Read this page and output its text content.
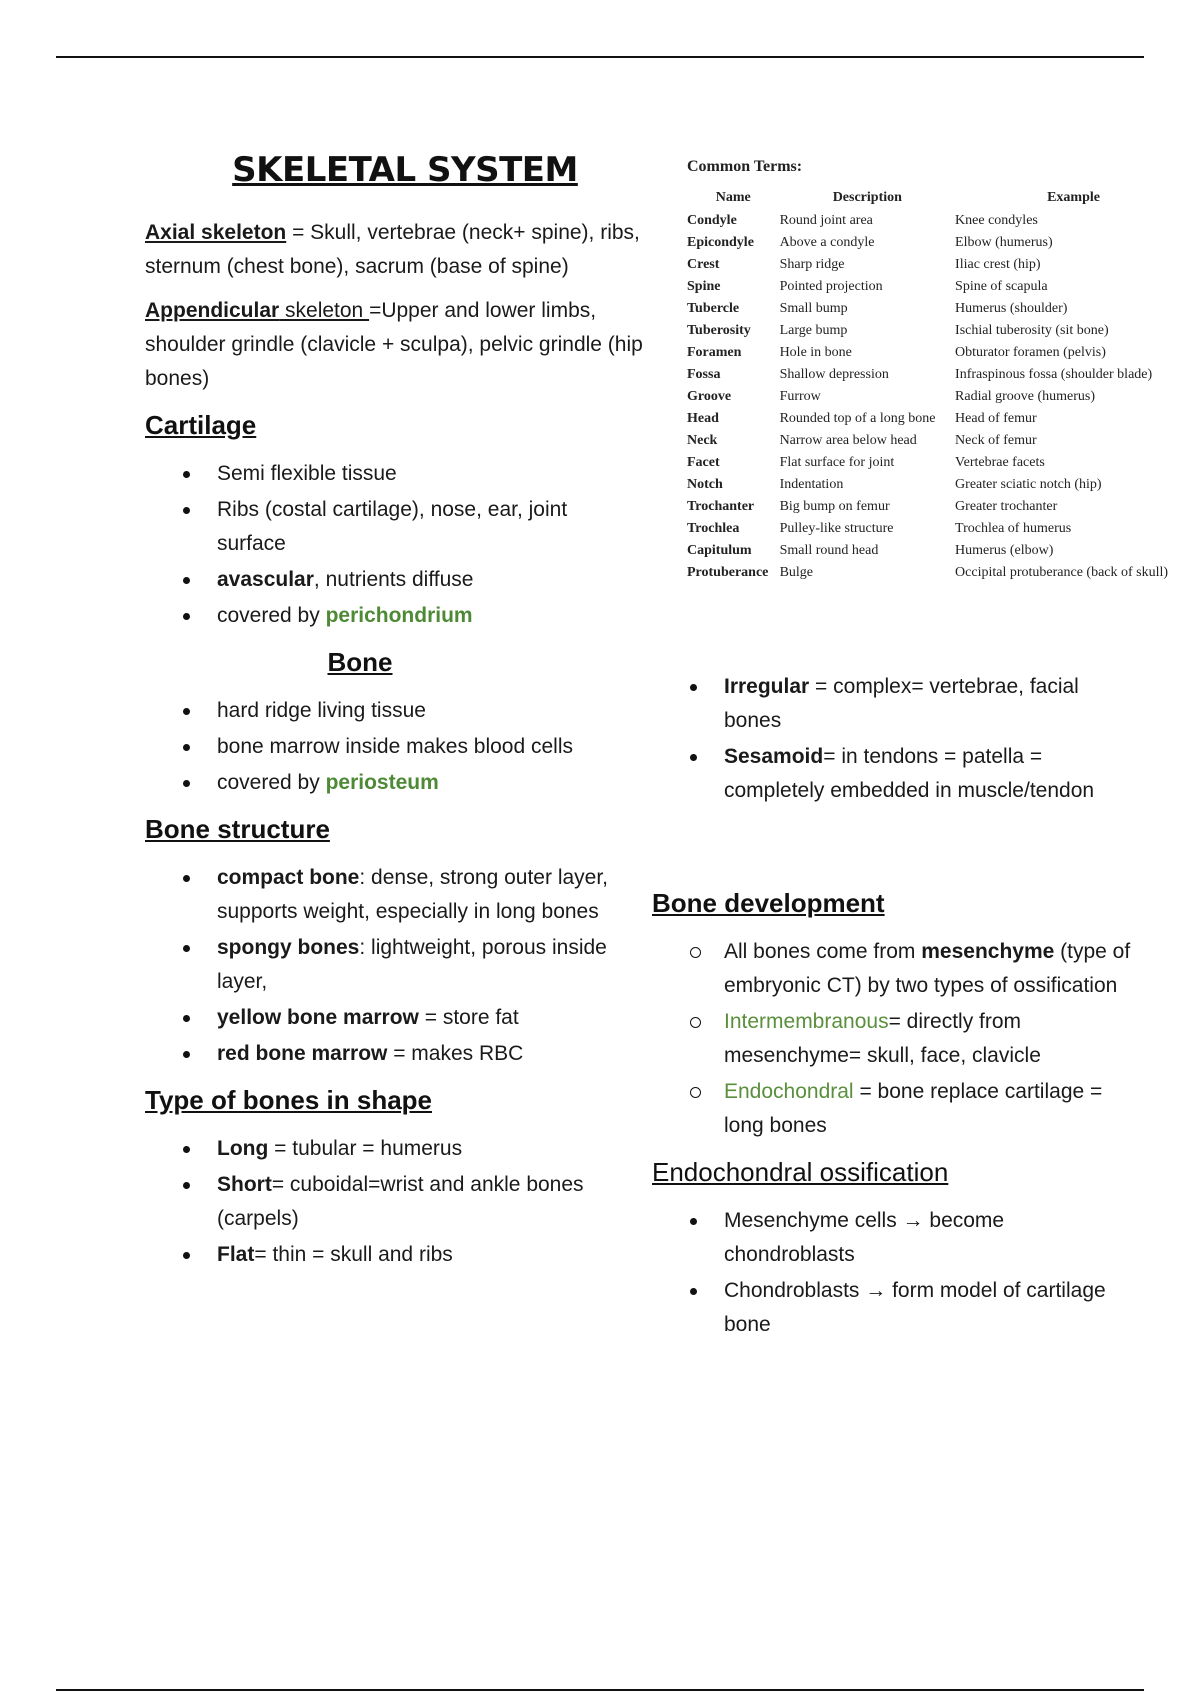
SKELETAL SYSTEM

Axial skeleton = Skull, vertebrae (neck+ spine), ribs, sternum (chest bone), sacrum (base of spine)

Appendicular skeleton =Upper and lower limbs, shoulder grindle (clavicle + sculpa), pelvic grindle (hip bones)

Cartilage
Semi flexible tissue
Ribs (costal cartilage), nose, ear, joint surface
avascular, nutrients diffuse
covered by perichondrium
Bone
hard ridge living tissue
bone marrow inside makes blood cells
covered by periosteum
Bone structure
compact bone: dense, strong outer layer, supports weight, especially in long bones
spongy bones: lightweight, porous inside layer,
yellow bone marrow = store fat
red bone marrow = makes RBC
Type of bones in shape
Long = tubular = humerus
Short= cuboidal=wrist and ankle bones (carpels)
Flat= thin = skull and ribs
Common Terms:
Name	Description	Example
Condyle	Round joint area	Knee condyles
Epicondyle	Above a condyle	Elbow (humerus)
Crest	Sharp ridge	Iliac crest (hip)
Spine	Pointed projection	Spine of scapula
Tubercle	Small bump	Humerus (shoulder)
Tuberosity	Large bump	Ischial tuberosity (sit bone)
Foramen	Hole in bone	Obturator foramen (pelvis)
Fossa	Shallow depression	Infraspinous fossa (shoulder blade)
Groove	Furrow	Radial groove (humerus)
Head	Rounded top of a long bone	Head of femur
Neck	Narrow area below head	Neck of femur
Facet	Flat surface for joint	Vertebrae facets
Notch	Indentation	Greater sciatic notch (hip)
Trochanter	Big bump on femur	Greater trochanter
Trochlea	Pulley-like structure	Trochlea of humerus
Capitulum	Small round head	Humerus (elbow)
Protuberance	Bulge	Occipital protuberance (back of skull)
Irregular = complex= vertebrae, facial bones
Sesamoid= in tendons = patella = completely embedded in muscle/tendon
Bone development
All bones come from mesenchyme (type of embryonic CT) by two types of ossification
Intermembranous= directly from mesenchyme= skull, face, clavicle
Endochondral = bone replace cartilage = long bones
Endochondral ossification
Mesenchyme cells → become chondroblasts
Chondroblasts → form model of cartilage bone
